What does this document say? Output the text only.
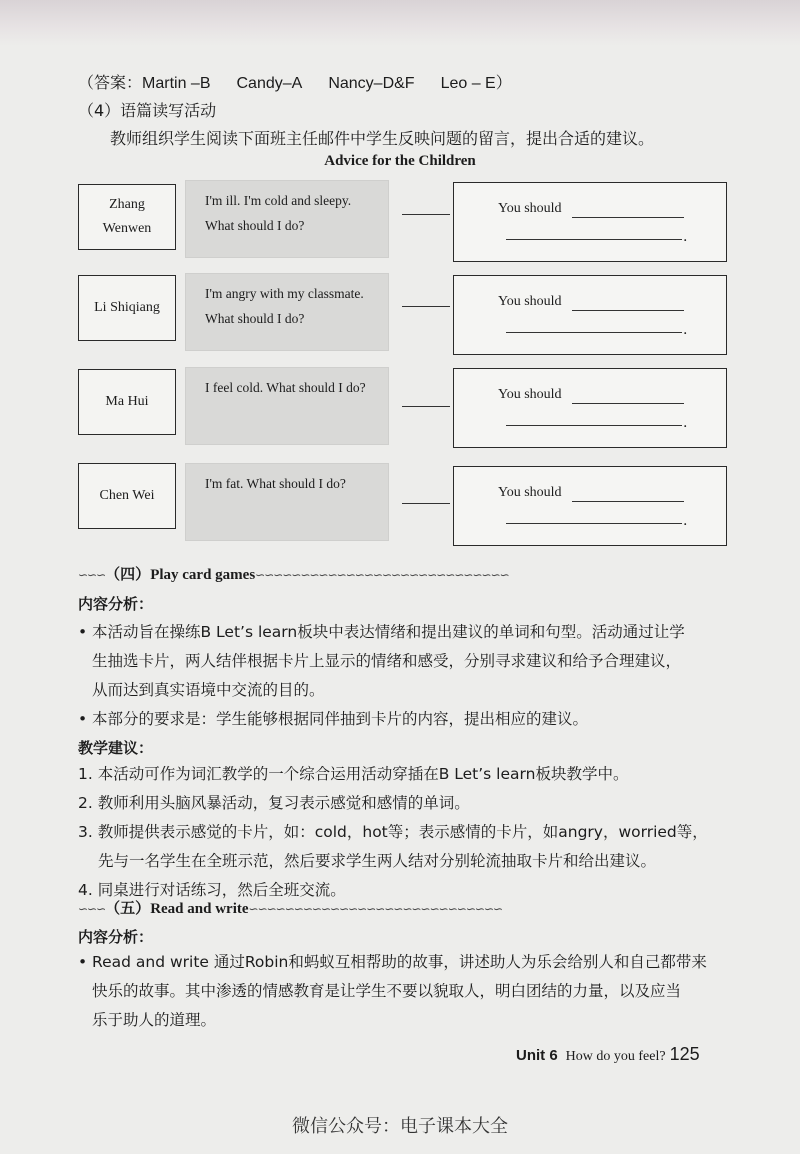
（答案：Martin –B Candy–A Nancy–D&F Leo – E）
（4）语篇读写活动
教师组织学生阅读下面班主任邮件中学生反映问题的留言，提出合适的建议。
Advice for the Children
Zhang
Wenwen
I'm ill. I'm cold and sleepy.
What should I do?
You should
.
Li Shiqiang
I'm angry with my classmate.
What should I do?
You should
.
Ma Hui
I feel cold. What should I do?	You should
.
Chen Wei
I'm fat. What should I do?
You should
.
∽∽∽（四）Play card games∽∽∽∽∽∽∽∽∽∽∽∽∽∽∽∽∽∽∽∽∽∽∽∽∽∽∽∽
内容分析：
• 本活动旨在操练B Let’s learn板块中表达情绪和提出建议的单词和句型。活动通过让学
生抽选卡片，两人结伴根据卡片上显示的情绪和感受，分别寻求建议和给予合理建议，
从而达到真实语境中交流的目的。
• 本部分的要求是：学生能够根据同伴抽到卡片的内容，提出相应的建议。
教学建议：
1. 本活动可作为词汇教学的一个综合运用活动穿插在B Let’s learn板块教学中。
2. 教师利用头脑风暴活动，复习表示感觉和感情的单词。
3. 教师提供表示感觉的卡片，如：cold，hot等；表示感情的卡片，如angry，worried等，
先与一名学生在全班示范，然后要求学生两人结对分别轮流抽取卡片和给出建议。
4. 同桌进行对话练习，然后全班交流。
∽∽∽（五）Read and write∽∽∽∽∽∽∽∽∽∽∽∽∽∽∽∽∽∽∽∽∽∽∽∽∽∽∽∽
内容分析：
• Read and write 通过Robin和蚂蚁互相帮助的故事，讲述助人为乐会给别人和自己都带来
快乐的故事。其中渗透的情感教育是让学生不要以貌取人，明白团结的力量，以及应当
乐于助人的道理。
Unit 6 How do you feel? 125
微信公众号：电子课本大全
